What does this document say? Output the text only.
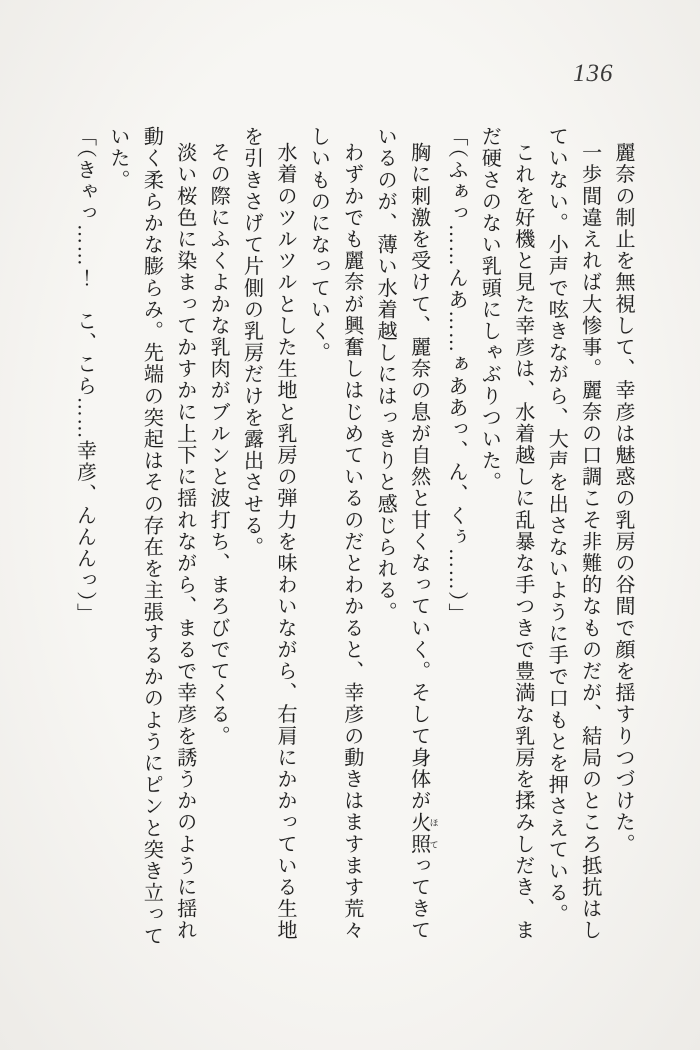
136

麗奈の制止を無視して、幸彦は魅惑の乳房の谷間で顔を揺すりつづけた。

一歩間違えれば大惨事。麗奈の口調こそ非難的なものだが、結局のところ抵抗はし

ていない。小声で呟きながら、大声を出さないように手で口もとを押さえている。

これを好機と見た幸彦は、水着越しに乱暴な手つきで豊満な乳房を揉みしだき、ま

だ硬さのない乳頭にしゃぶりついた。

「（ふぁっ……んあ……ぁああっ、ん、くぅ……）」

胸に刺激を受けて、麗奈の息が自然と甘くなっていく。そして身体が火照 ほてってきて

いるのが、薄い水着越しにはっきりと感じられる。

わずかでも麗奈が興奮しはじめているのだとわかると、幸彦の動きはますます荒々

しいものになっていく。

水着のツルツルとした生地と乳房の弾力を味わいながら、右肩にかかっている生地

を引きさげて片側の乳房だけを露出させる。

その際にふくよかな乳肉がブルンと波打ち、まろびでてくる。

淡い桜色に染まってかすかに上下に揺れながら、まるで幸彦を誘うかのように揺れ

動く柔らかな膨らみ。先端の突起はその存在を主張するかのようにピンと突き立って

いた。

「（きゃっ……！　こ、こら……幸彦、んんんっ）」
